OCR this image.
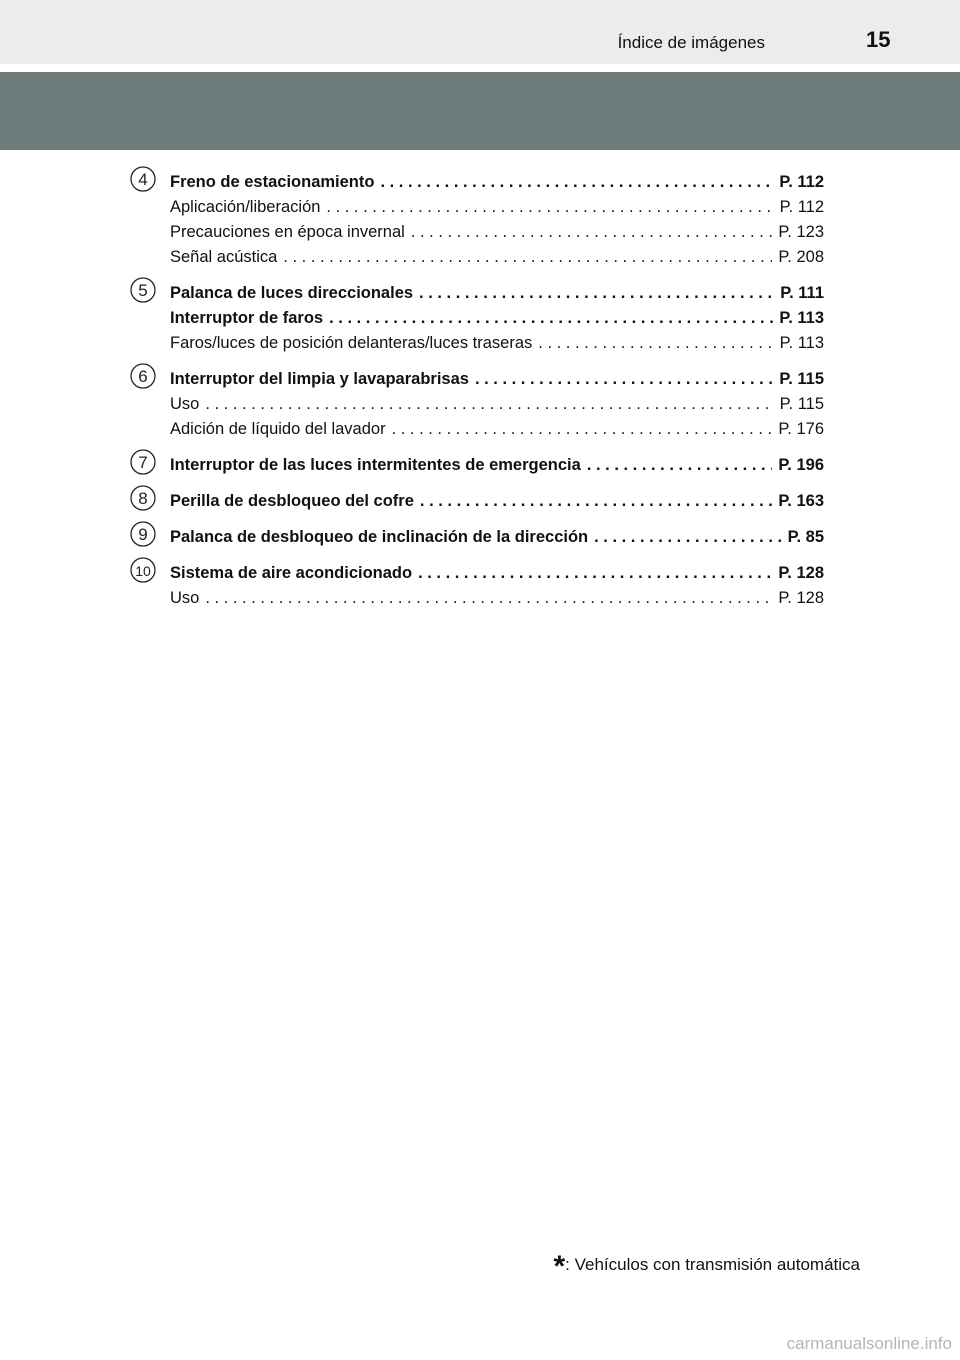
Índice de imágenes	15
4 Freno de estacionamiento . . .	P. 112
Aplicación/liberación . . .	P. 112
Precauciones en época invernal . . .	P. 123
Señal acústica . . .	P. 208
5 Palanca de luces direccionales . . .	P. 111
Interruptor de faros . . .	P. 113
Faros/luces de posición delanteras/luces traseras . . .	P. 113
6 Interruptor del limpia y lavaparabrisas . . .	P. 115
Uso . . .	P. 115
Adición de líquido del lavador . . .	P. 176
7 Interruptor de las luces intermitentes de emergencia . . .	P. 196
8 Perilla de desbloqueo del cofre . . .	P. 163
9 Palanca de desbloqueo de inclinación de la dirección . . .	P. 85
10 Sistema de aire acondicionado . . .	P. 128
Uso . . .	P. 128
*: Vehículos con transmisión automática
carmanualsonline.info
